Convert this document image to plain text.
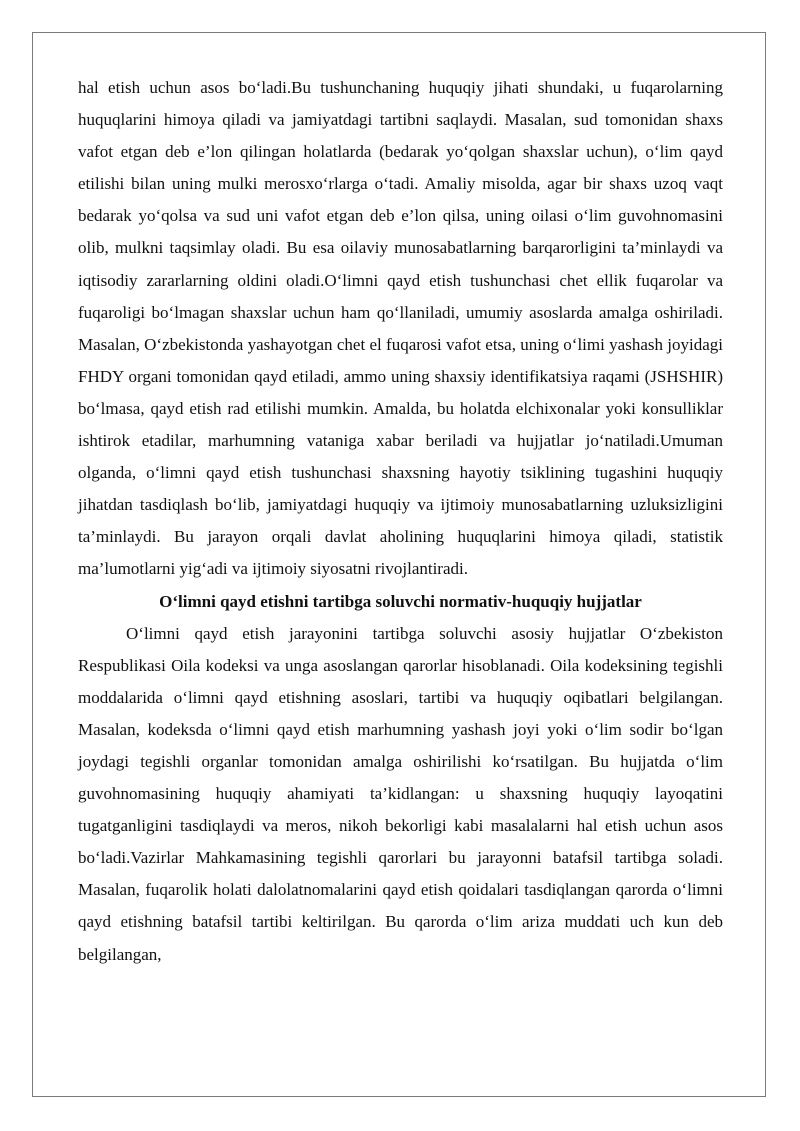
hal etish uchun asos bo‘ladi.Bu tushunchaning huquqiy jihati shundaki, u fuqarolarning huquqlarini himoya qiladi va jamiyatdagi tartibni saqlaydi. Masalan, sud tomonidan shaxs vafot etgan deb e’lon qilingan holatlarda (bedarak yo‘qolgan shaxslar uchun), o‘lim qayd etilishi bilan uning mulki merosxo‘rlarga o‘tadi. Amaliy misolda, agar bir shaxs uzoq vaqt bedarak yo‘qolsa va sud uni vafot etgan deb e’lon qilsa, uning oilasi o‘lim guvohnomasini olib, mulkni taqsimlay oladi. Bu esa oilaviy munosabatlarning barqarorligini ta’minlaydi va iqtisodiy zararlarning oldini oladi.O‘limni qayd etish tushunchasi chet ellik fuqarolar va fuqaroligi bo‘lmagan shaxslar uchun ham qo‘llaniladi, umumiy asoslarda amalga oshiriladi. Masalan, O‘zbekistonda yashayotgan chet el fuqarosi vafot etsa, uning o‘limi yashash joyidagi FHDY organi tomonidan qayd etiladi, ammo uning shaxsiy identifikatsiya raqami (JSHSHIR) bo‘lmasa, qayd etish rad etilishi mumkin. Amalda, bu holatda elchixonalar yoki konsulliklar ishtirok etadilar, marhumning vataniga xabar beriladi va hujjatlar jo‘natiladi.Umuman olganda, o‘limni qayd etish tushunchasi shaxsning hayotiy tsiklining tugashini huquqiy jihatdan tasdiqlash bo‘lib, jamiyatdagi huquqiy va ijtimoiy munosabatlarning uzluksizligini ta’minlaydi. Bu jarayon orqali davlat aholining huquqlarini himoya qiladi, statistik ma’lumotlarni yig‘adi va ijtimoiy siyosatni rivojlantiradi.

O‘limni qayd etishni tartibga soluvchi normativ-huquqiy hujjatlar

O‘limni qayd etish jarayonini tartibga soluvchi asosiy hujjatlar O‘zbekiston Respublikasi Oila kodeksi va unga asoslangan qarorlar hisoblanadi. Oila kodeksining tegishli moddalarida o‘limni qayd etishning asoslari, tartibi va huquqiy oqibatlari belgilangan. Masalan, kodeksda o‘limni qayd etish marhumning yashash joyi yoki o‘lim sodir bo‘lgan joydagi tegishli organlar tomonidan amalga oshirilishi ko‘rsatilgan. Bu hujjatda o‘lim guvohnomasining huquqiy ahamiyati ta’kidlangan: u shaxsning huquqiy layoqatini tugatganligini tasdiqlaydi va meros, nikoh bekorligi kabi masalalarni hal etish uchun asos bo‘ladi.Vazirlar Mahkamasining tegishli qarorlari bu jarayonni batafsil tartibga soladi. Masalan, fuqarolik holati dalolatnomalarini qayd etish qoidalari tasdiqlangan qarorda o‘limni qayd etishning batafsil tartibi keltirilgan. Bu qarorda o‘lim ariza muddati uch kun deb belgilangan,
